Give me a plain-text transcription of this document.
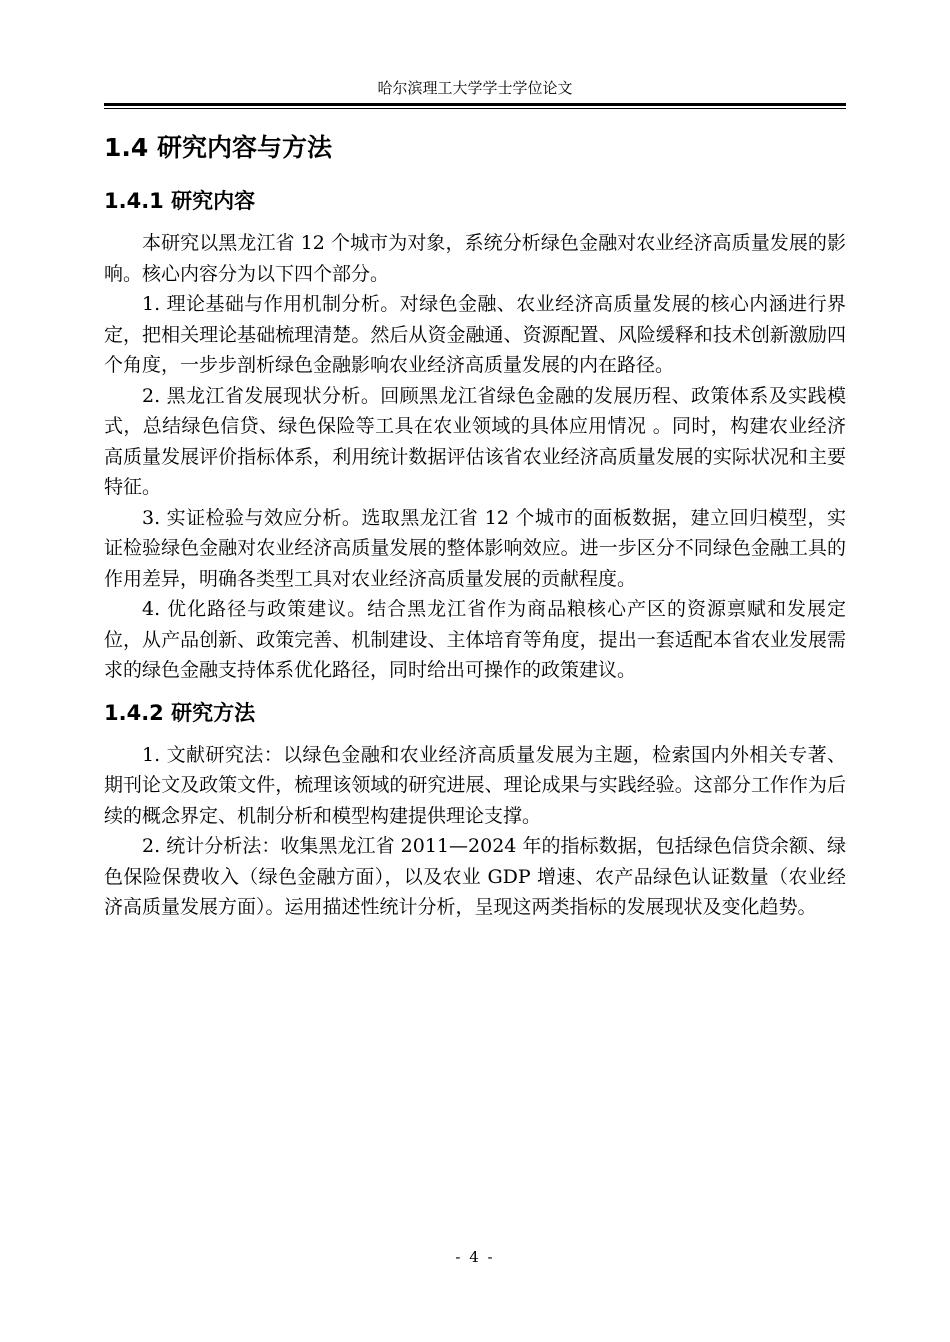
哈尔滨理工大学学士学位论文
1.4 研究内容与方法
1.4.1 研究内容

本研究以黑龙江省 12 个城市为对象，系统分析绿色金融对农业经济高质量发展的影响。核心内容分为以下四个部分。

1. 理论基础与作用机制分析。对绿色金融、农业经济高质量发展的核心内涵进行界定，把相关理论基础梳理清楚。然后从资金融通、资源配置、风险缓释和技术创新激励四个角度，一步步剖析绿色金融影响农业经济高质量发展的内在路径。

2. 黑龙江省发展现状分析。回顾黑龙江省绿色金融的发展历程、政策体系及实践模式，总结绿色信贷、绿色保险等工具在农业领域的具体应用情况 。同时，构建农业经济高质量发展评价指标体系，利用统计数据评估该省农业经济高质量发展的实际状况和主要特征。

3. 实证检验与效应分析。选取黑龙江省 12 个城市的面板数据，建立回归模型，实证检验绿色金融对农业经济高质量发展的整体影响效应。进一步区分不同绿色金融工具的作用差异，明确各类型工具对农业经济高质量发展的贡献程度。

4. 优化路径与政策建议。结合黑龙江省作为商品粮核心产区的资源禀赋和发展定位，从产品创新、政策完善、机制建设、主体培育等角度，提出一套适配本省农业发展需求的绿色金融支持体系优化路径，同时给出可操作的政策建议。

1.4.2 研究方法

1. 文献研究法：以绿色金融和农业经济高质量发展为主题，检索国内外相关专著、期刊论文及政策文件，梳理该领域的研究进展、理论成果与实践经验。这部分工作作为后续的概念界定、机制分析和模型构建提供理论支撑。

2. 统计分析法：收集黑龙江省 2011—2024 年的指标数据，包括绿色信贷余额、绿色保险保费收入（绿色金融方面），以及农业 GDP 增速、农产品绿色认证数量（农业经济高质量发展方面）。运用描述性统计分析，呈现这两类指标的发展现状及变化趋势。

- 4 -
